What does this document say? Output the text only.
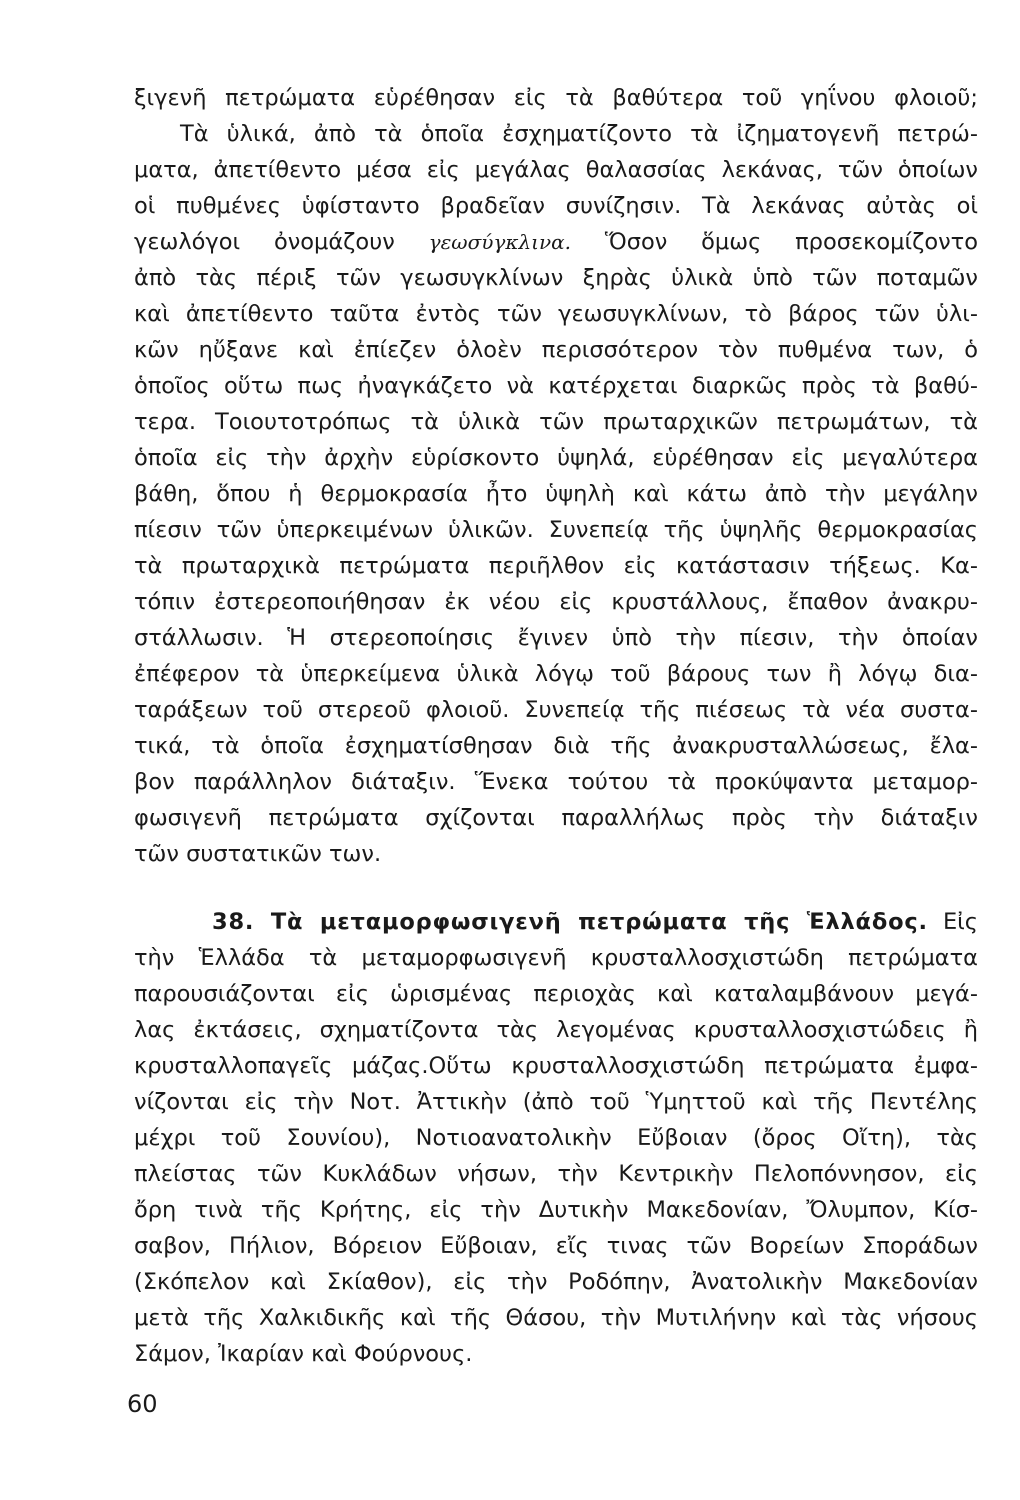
ξιγενῆ πετρώματα εὑρέθησαν εἰς τὰ βαθύτερα τοῦ γηΐνου φλοιοῦ;
Τὰ ὑλικά, ἀπὸ τὰ ὁποῖα ἐσχηματίζοντο τὰ ἰζηματογενῆ πετρώ-
ματα, ἀπετίθεντο μέσα εἰς μεγάλας θαλασσίας λεκάνας, τῶν ὁποίων
οἱ πυθμένες ὑφίσταντο βραδεῖαν συνίζησιν. Τὰ λεκάνας αὐτὰς οἱ
γεωλόγοι ὀνομάζουν γεωσύγκλινα. Ὅσον ὅμως προσεκομίζοντο
ἀπὸ τὰς πέριξ τῶν γεωσυγκλίνων ξηρὰς ὑλικὰ ὑπὸ τῶν ποταμῶν
καὶ ἀπετίθεντο ταῦτα ἐντὸς τῶν γεωσυγκλίνων, τὸ βάρος τῶν ὑλι-
κῶν ηὔξανε καὶ ἐπίεζεν ὁλοὲν περισσότερον τὸν πυθμένα των, ὁ
ὁποῖος οὕτω πως ἠναγκάζετο νὰ κατέρχεται διαρκῶς πρὸς τὰ βαθύ-
τερα. Τοιουτοτρόπως τὰ ὑλικὰ τῶν πρωταρχικῶν πετρωμάτων, τὰ
ὁποῖα εἰς τὴν ἀρχὴν εὑρίσκοντο ὑψηλά, εὑρέθησαν εἰς μεγαλύτερα
βάθη, ὅπου ἡ θερμοκρασία ἦτο ὑψηλὴ καὶ κάτω ἀπὸ τὴν μεγάλην
πίεσιν τῶν ὑπερκειμένων ὑλικῶν. Συνεπείᾳ τῆς ὑψηλῆς θερμοκρασίας
τὰ πρωταρχικὰ πετρώματα περιῆλθον εἰς κατάστασιν τήξεως. Κα-
τόπιν ἐστερεοποιήθησαν ἐκ νέου εἰς κρυστάλλους, ἔπαθον ἀνακρυ-
στάλλωσιν. Ἡ στερεοποίησις ἔγινεν ὑπὸ τὴν πίεσιν, τὴν ὁποίαν
ἐπέφερον τὰ ὑπερκείμενα ὑλικὰ λόγῳ τοῦ βάρους των ἢ λόγῳ δια-
ταράξεων τοῦ στερεοῦ φλοιοῦ. Συνεπείᾳ τῆς πιέσεως τὰ νέα συστα-
τικά, τὰ ὁποῖα ἐσχηματίσθησαν διὰ τῆς ἀνακρυσταλλώσεως, ἔλα-
βον παράλληλον διάταξιν. Ἕνεκα τούτου τὰ προκύψαντα μεταμορ-
φωσιγενῆ πετρώματα σχίζονται παραλλήλως πρὸς τὴν διάταξιν
τῶν συστατικῶν των.
38. Τὰ μεταμορφωσιγενῆ πετρώματα τῆς Ἑλλάδος. Εἰς
τὴν Ἑλλάδα τὰ μεταμορφωσιγενῆ κρυσταλλοσχιστώδη πετρώματα
παρουσιάζονται εἰς ὡρισμένας περιοχὰς καὶ καταλαμβάνουν μεγά-
λας ἐκτάσεις, σχηματίζοντα τὰς λεγομένας κρυσταλλοσχιστώδεις ἢ
κρυσταλλοπαγεῖς μάζας.Οὕτω κρυσταλλοσχιστώδη πετρώματα ἐμφα-
νίζονται εἰς τὴν Νοτ. Ἀττικὴν (ἀπὸ τοῦ Ὑμηττοῦ καὶ τῆς Πεντέλης
μέχρι τοῦ Σουνίου), Νοτιοανατολικὴν Εὔβοιαν (ὄρος Οἴτη), τὰς
πλείστας τῶν Κυκλάδων νήσων, τὴν Κεντρικὴν Πελοπόννησον, εἰς
ὄρη τινὰ τῆς Κρήτης, εἰς τὴν Δυτικὴν Μακεδονίαν, Ὄλυμπον, Κίσ-
σαβον, Πήλιον, Βόρειον Εὔβοιαν, εἴς τινας τῶν Βορείων Σποράδων
(Σκόπελον καὶ Σκίαθον), εἰς τὴν Ροδόπην, Ἀνατολικὴν Μακεδονίαν
μετὰ τῆς Χαλκιδικῆς καὶ τῆς Θάσου, τὴν Μυτιλήνην καὶ τὰς νήσους
Σάμον, Ἰκαρίαν καὶ Φούρνους.
60
